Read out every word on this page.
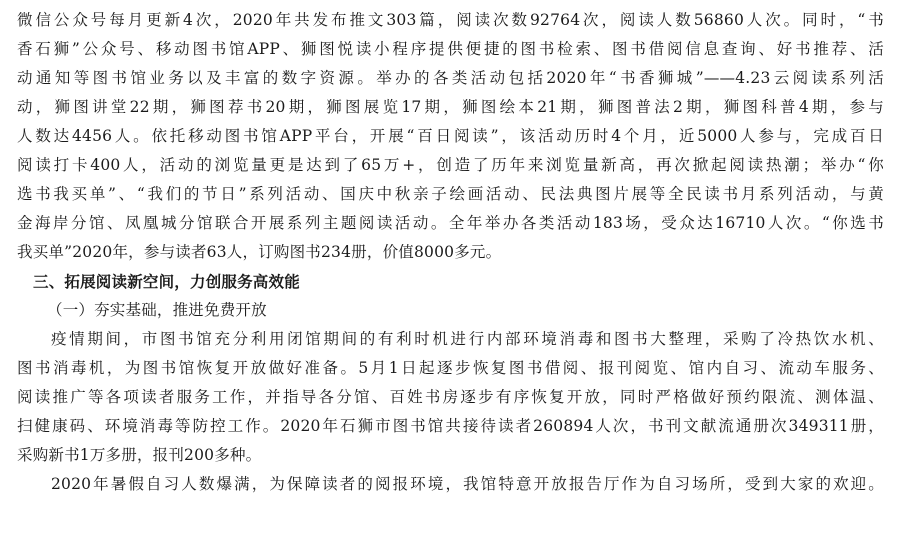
微信公众号每月更新4次，2020年共发布推文303篇，阅读次数92764次，阅读人数56860人次。同时，“书
香石狮”公众号、移动图书馆APP、狮图悦读小程序提供便捷的图书检索、图书借阅信息查询、好书推荐、活
动通知等图书馆业务以及丰富的数字资源。举办的各类活动包括2020年“书香狮城”——4.23云阅读系列活
动，狮图讲堂22期，狮图荐书20期，狮图展览17期，狮图绘本21期，狮图普法2期，狮图科普4期，参与
人数达4456人。依托移动图书馆APP平台，开展“百日阅读”，该活动历时4个月，近5000人参与，完成百日
阅读打卡400人，活动的浏览量更是达到了65万+，创造了历年来浏览量新高，再次掀起阅读热潮；举办“你
选书我买单”、“我们的节日”系列活动、国庆中秋亲子绘画活动、民法典图片展等全民读书月系列活动，与黄
金海岸分馆、凤凰城分馆联合开展系列主题阅读活动。全年举办各类活动183场，受众达16710人次。“你选书
我买单”2020年，参与读者63人，订购图书234册，价值8000多元。
三、拓展阅读新空间，力创服务高效能
（一）夯实基础，推进免费开放
疫情期间，市图书馆充分利用闭馆期间的有利时机进行内部环境消毒和图书大整理，采购了冷热饮水机、
图书消毒机，为图书馆恢复开放做好准备。5月1日起逐步恢复图书借阅、报刊阅览、馆内自习、流动车服务、
阅读推广等各项读者服务工作，并指导各分馆、百姓书房逐步有序恢复开放，同时严格做好预约限流、测体温、
扫健康码、环境消毒等防控工作。2020年石狮市图书馆共接待读者260894人次，书刊文献流通册次349311册，
采购新书1万多册，报刊200多种。
2020年暑假自习人数爆满，为保障读者的阅报环境，我馆特意开放报告厅作为自习场所，受到大家的欢迎。
